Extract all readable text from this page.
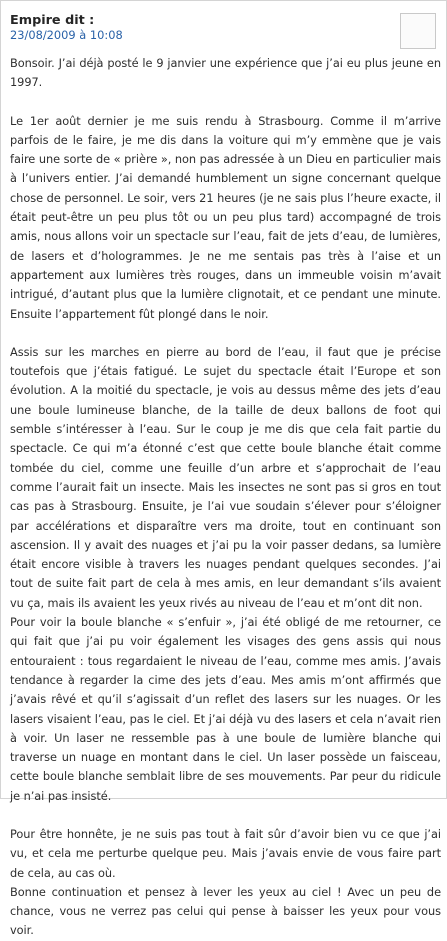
Empire dit :
23/08/2009 à 10:08

Bonsoir. J’ai déjà posté le 9 janvier une expérience que j’ai eu plus jeune en 1997.

Le 1er août dernier je me suis rendu à Strasbourg. Comme il m’arrive parfois de le faire, je me dis dans la voiture qui m’y emmène que je vais faire une sorte de « prière », non pas adressée à un Dieu en particulier mais à l’univers entier. J’ai demandé humblement un signe concernant quelque chose de personnel. Le soir, vers 21 heures (je ne sais plus l’heure exacte, il était peut-être un peu plus tôt ou un peu plus tard) accompagné de trois amis, nous allons voir un spectacle sur l’eau, fait de jets d’eau, de lumières, de lasers et d’hologrammes. Je ne me sentais pas très à l’aise et un appartement aux lumières très rouges, dans un immeuble voisin m’avait intrigué, d’autant plus que la lumière clignotait, et ce pendant une minute. Ensuite l’appartement fût plongé dans le noir.

Assis sur les marches en pierre au bord de l’eau, il faut que je précise toutefois que j’étais fatigué. Le sujet du spectacle était l’Europe et son évolution. A la moitié du spectacle, je vois au dessus même des jets d’eau une boule lumineuse blanche, de la taille de deux ballons de foot qui semble s’intéresser à l’eau. Sur le coup je me dis que cela fait partie du spectacle. Ce qui m’a étonné c’est que cette boule blanche était comme tombée du ciel, comme une feuille d’un arbre et s’approchait de l’eau comme l’aurait fait un insecte. Mais les insectes ne sont pas si gros en tout cas pas à Strasbourg. Ensuite, je l’ai vue soudain s’élever pour s’éloigner par accélérations et disparaître vers ma droite, tout en continuant son ascension. Il y avait des nuages et j’ai pu la voir passer dedans, sa lumière était encore visible à travers les nuages pendant quelques secondes. J’ai tout de suite fait part de cela à mes amis, en leur demandant s’ils avaient vu ça, mais ils avaient les yeux rivés au niveau de l’eau et m’ont dit non.

Pour voir la boule blanche « s’enfuir », j’ai été obligé de me retourner, ce qui fait que j’ai pu voir également les visages des gens assis qui nous entouraient : tous regardaient le niveau de l’eau, comme mes amis. J’avais tendance à regarder la cime des jets d’eau. Mes amis m’ont affirmés que j’avais rêvé et qu’il s’agissait d’un reflet des lasers sur les nuages. Or les lasers visaient l’eau, pas le ciel. Et j’ai déjà vu des lasers et cela n’avait rien à voir. Un laser ne ressemble pas à une boule de lumière blanche qui traverse un nuage en montant dans le ciel. Un laser possède un faisceau, cette boule blanche semblait libre de ses mouvements. Par peur du ridicule je n’ai pas insisté.

Pour être honnête, je ne suis pas tout à fait sûr d’avoir bien vu ce que j’ai vu, et cela me perturbe quelque peu. Mais j’avais envie de vous faire part de cela, au cas où.

Bonne continuation et pensez à lever les yeux au ciel ! Avec un peu de chance, vous ne verrez pas celui qui pense à baisser les yeux pour vous voir.
